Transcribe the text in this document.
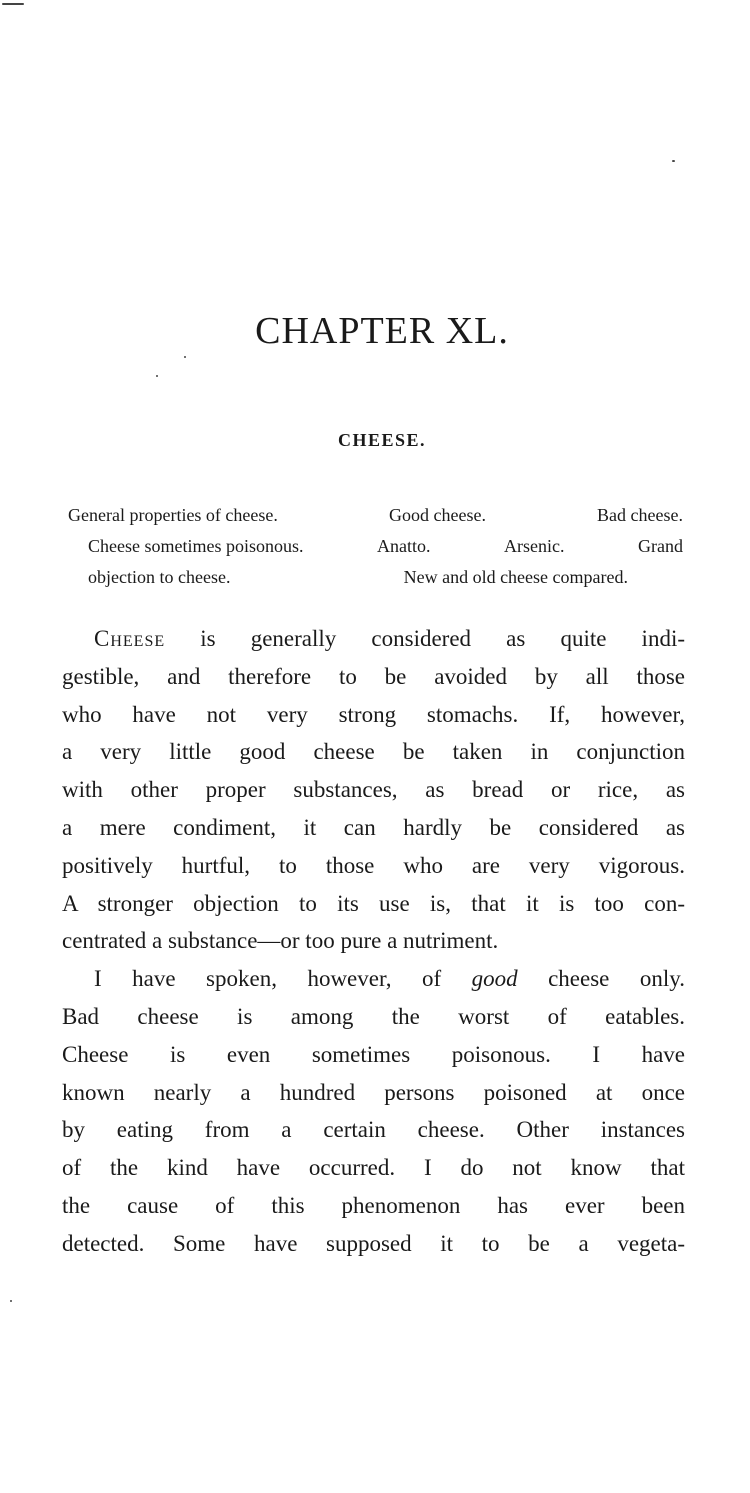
CHAPTER XL.
CHEESE.
General properties of cheese.	Good cheese.	Bad cheese.
Cheese sometimes poisonous.	Anatto.	Arsenic.	Grand
objection to cheese.	New and old cheese compared.
Cheese is generally considered as quite indi-
gestible, and therefore to be avoided by all those
who have not very strong stomachs. If, however,
a very little good cheese be taken in conjunction
with other proper substances, as bread or rice, as
a mere condiment, it can hardly be considered as
positively hurtful, to those who are very vigorous.
A stronger objection to its use is, that it is too con-
centrated a substance—or too pure a nutriment.
I have spoken, however, of good cheese only.
Bad cheese is among the worst of eatables.
Cheese is even sometimes poisonous. I have
known nearly a hundred persons poisoned at once
by eating from a certain cheese. Other instances
of the kind have occurred. I do not know that
the cause of this phenomenon has ever been
detected. Some have supposed it to be a vegeta-
